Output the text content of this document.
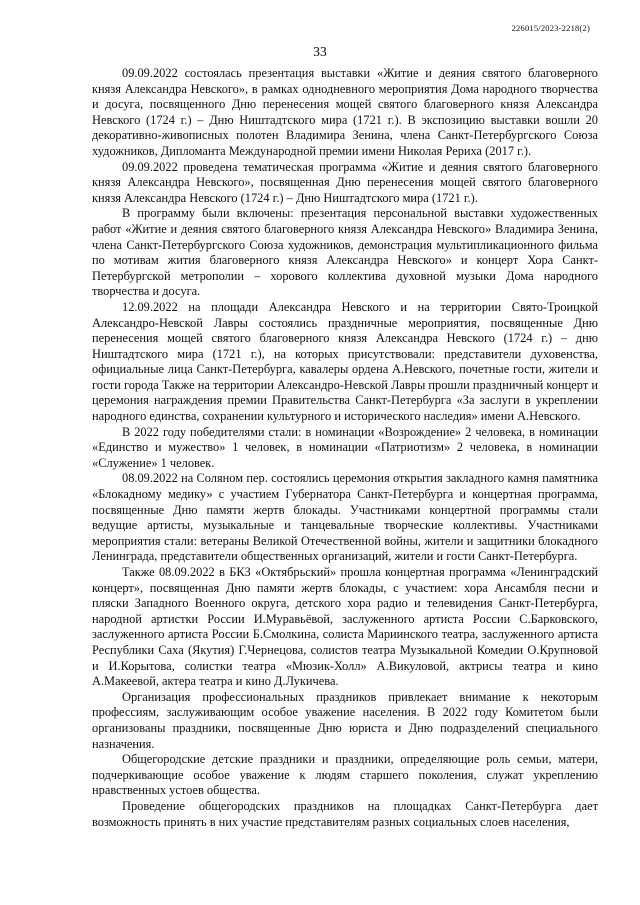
226015/2023-2218(2)
33

09.09.2022 состоялась презентация выставки «Житие и деяния святого благоверного князя Александра Невского», в рамках однодневного мероприятия Дома народного творчества и досуга, посвященного Дню перенесения мощей святого благоверного князя Александра Невского (1724 г.) – Дню Ништадтского мира (1721 г.). В экспозицию выставки вошли 20 декоративно-живописных полотен Владимира Зенина, члена Санкт-Петербургского Союза художников, Дипломанта Международной премии имени Николая Рериха (2017 г.).

09.09.2022 проведена тематическая программа «Житие и деяния святого благоверного князя Александра Невского», посвященная Дню перенесения мощей святого благоверного князя Александра Невского (1724 г.) – Дню Ништадтского мира (1721 г.).

В программу были включены: презентация персональной выставки художественных работ «Житие и деяния святого благоверного князя Александра Невского» Владимира Зенина, члена Санкт-Петербургского Союза художников, демонстрация мультипликационного фильма по мотивам жития благоверного князя Александра Невского» и концерт Хора Санкт-Петербургской метрополии – хорового коллектива духовной музыки Дома народного творчества и досуга.

12.09.2022 на площади Александра Невского и на территории Свято-Троицкой Александро-Невской Лавры состоялись праздничные мероприятия, посвященные Дню перенесения мощей святого благоверного князя Александра Невского (1724 г.) – дню Ништадтского мира (1721 г.), на которых присутствовали: представители духовенства, официальные лица Санкт-Петербурга, кавалеры ордена А.Невского, почетные гости, жители и гости города Также на территории Александро-Невской Лавры прошли праздничный концерт и церемония награждения премии Правительства Санкт-Петербурга «За заслуги в укреплении народного единства, сохранении культурного и исторического наследия» имени А.Невского.

В 2022 году победителями стали: в номинации «Возрождение» 2 человека, в номинации «Единство и мужество» 1 человек, в номинации «Патриотизм» 2 человека, в номинации «Служение» 1 человек.

08.09.2022 на Соляном пер. состоялись церемония открытия закладного камня памятника «Блокадному медику» с участием Губернатора Санкт-Петербурга и концертная программа, посвященные Дню памяти жертв блокады. Участниками концертной программы стали ведущие артисты, музыкальные и танцевальные творческие коллективы. Участниками мероприятия стали: ветераны Великой Отечественной войны, жители и защитники блокадного Ленинграда, представители общественных организаций, жители и гости Санкт-Петербурга.

Также 08.09.2022 в БКЗ «Октябрьский» прошла концертная программа «Ленинградский концерт», посвященная Дню памяти жертв блокады, с участием: хора Ансамбля песни и пляски Западного Военного округа, детского хора радио и телевидения Санкт-Петербурга, народной артистки России И.Муравьёвой, заслуженного артиста России С.Барковского, заслуженного артиста России Б.Смолкина, солиста Мариинского театра, заслуженного артиста Республики Саха (Якутия) Г.Чернецова, солистов театра Музыкальной Комедии О.Крупновой и И.Корытова, солистки театра «Мюзик-Холл» А.Викуловой, актрисы театра и кино А.Макеевой, актера театра и кино Д.Лукичева.

Организация профессиональных праздников привлекает внимание к некоторым профессиям, заслуживающим особое уважение населения. В 2022 году Комитетом были организованы праздники, посвященные Дню юриста и Дню подразделений специального назначения.

Общегородские детские праздники и праздники, определяющие роль семьи, матери, подчеркивающие особое уважение к людям старшего поколения, служат укреплению нравственных устоев общества.

Проведение общегородских праздников на площадках Санкт-Петербурга дает возможность принять в них участие представителям разных социальных слоев населения,
